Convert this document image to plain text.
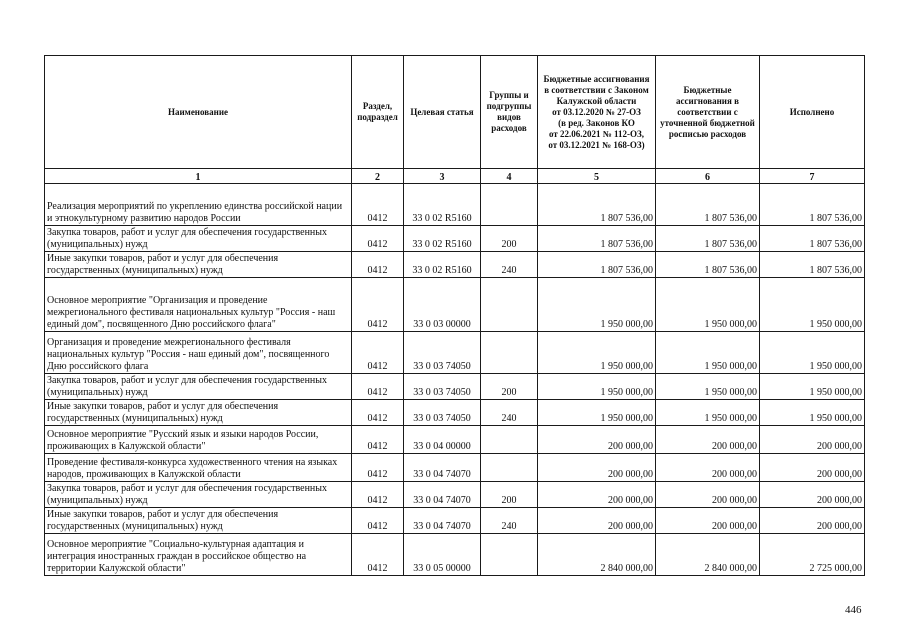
Наименование	Раздел, подраздел	Целевая статья	Группы и подгруппы видов расходов	Бюджетные ассигнования в соответствии с Законом Калужской области
от 03.12.2020 № 27-ОЗ
(в ред. Законов КО
от 22.06.2021 № 112-ОЗ,
от 03.12.2021 № 168-ОЗ)	Бюджетные ассигнования в соответствии с уточненной бюджетной росписью расходов	Исполнено
1	2	3	4	5	6	7
Реализация мероприятий по укреплению единства российской нации и этнокультурному развитию народов России	0412	33 0 02 R5160		1 807 536,00	1 807 536,00	1 807 536,00
Закупка товаров, работ и услуг для обеспечения государственных (муниципальных) нужд	0412	33 0 02 R5160	200	1 807 536,00	1 807 536,00	1 807 536,00
Иные закупки товаров, работ и услуг для обеспечения государственных (муниципальных) нужд	0412	33 0 02 R5160	240	1 807 536,00	1 807 536,00	1 807 536,00
Основное мероприятие "Организация и проведение межрегионального фестиваля национальных культур "Россия - наш единый дом", посвященного Дню российского флага"	0412	33 0 03 00000		1 950 000,00	1 950 000,00	1 950 000,00
Организация и проведение межрегионального фестиваля национальных культур "Россия - наш единый дом", посвященного Дню российского флага	0412	33 0 03 74050		1 950 000,00	1 950 000,00	1 950 000,00
Закупка товаров, работ и услуг для обеспечения государственных (муниципальных) нужд	0412	33 0 03 74050	200	1 950 000,00	1 950 000,00	1 950 000,00
Иные закупки товаров, работ и услуг для обеспечения государственных (муниципальных) нужд	0412	33 0 03 74050	240	1 950 000,00	1 950 000,00	1 950 000,00
Основное мероприятие "Русский язык и языки народов России, проживающих в Калужской области"	0412	33 0 04 00000		200 000,00	200 000,00	200 000,00
Проведение фестиваля-конкурса художественного чтения на языках народов, проживающих в Калужской области	0412	33 0 04 74070		200 000,00	200 000,00	200 000,00
Закупка товаров, работ и услуг для обеспечения государственных (муниципальных) нужд	0412	33 0 04 74070	200	200 000,00	200 000,00	200 000,00
Иные закупки товаров, работ и услуг для обеспечения государственных (муниципальных) нужд	0412	33 0 04 74070	240	200 000,00	200 000,00	200 000,00
Основное мероприятие "Социально-культурная адаптация и интеграция иностранных граждан в российское общество на территории Калужской области"	0412	33 0 05 00000		2 840 000,00	2 840 000,00	2 725 000,00
446
